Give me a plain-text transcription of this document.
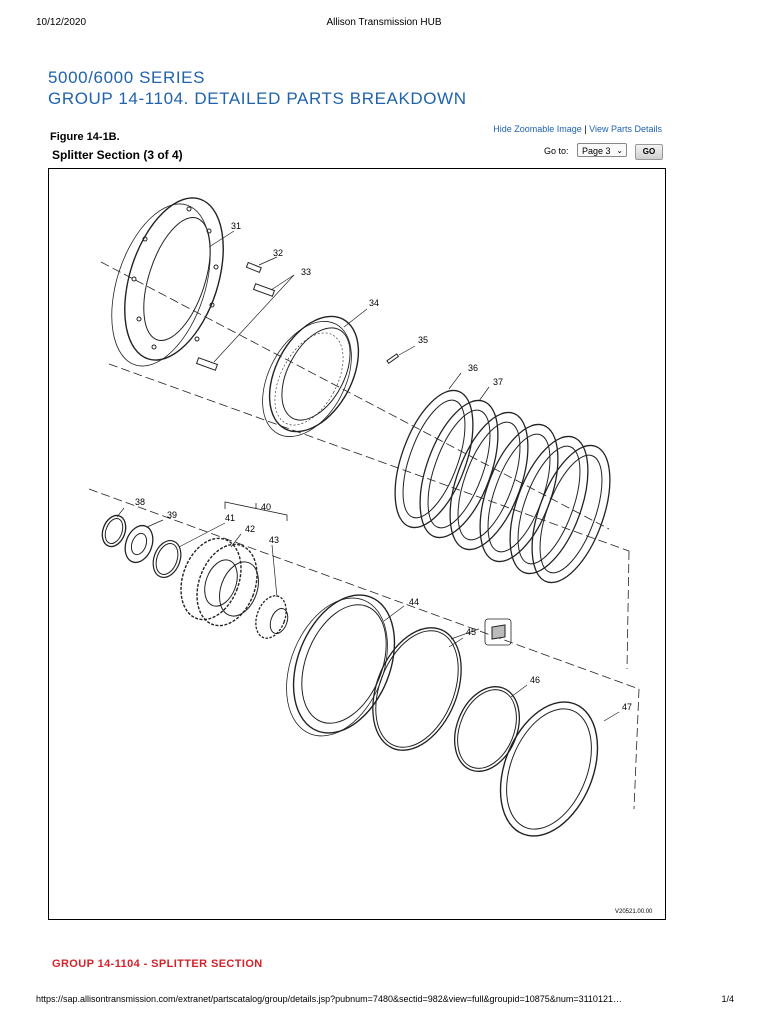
10/12/2020	Allison Transmission HUB
5000/6000 SERIES
GROUP 14-1104. DETAILED PARTS BREAKDOWN
Figure 14-1B.
Splitter Section (3 of 4)
Hide Zoomable Image | View Parts Details
Go to:	Page 3 ⌄	GO
31
32
33
34
35
36
37
38
39
40
41
42
43
44
45
46
47
V20521.00.00
GROUP 14-1104 - SPLITTER SECTION
https://sap.allisontransmission.com/extranet/partscatalog/group/details.jsp?pubnum=7480&sectid=982&view=full&groupid=10875&num=3110121…	1/4
